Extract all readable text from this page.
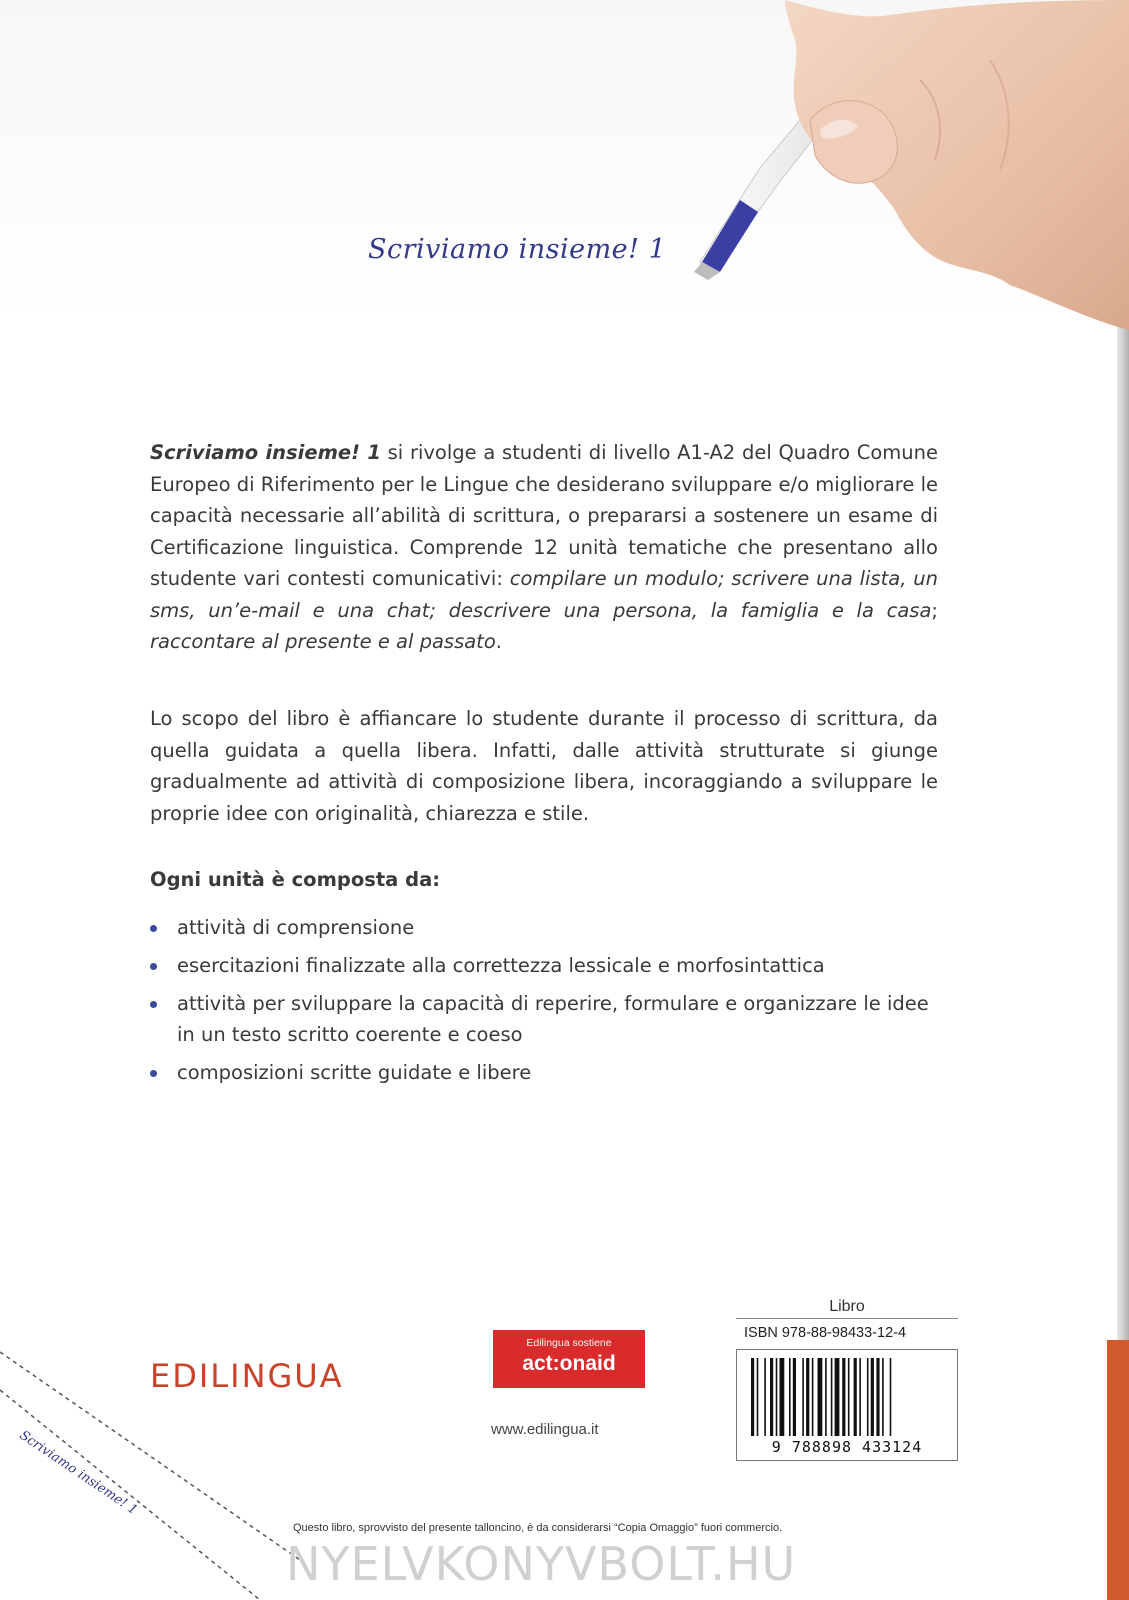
Scriviamo insieme! 1

Scriviamo insieme! 1 si rivolge a studenti di livello A1-A2 del Quadro Comune Europeo di Riferimento per le Lingue che desiderano sviluppare e/o migliorare le capacità necessarie all’abilità di scrittura, o prepararsi a sostenere un esame di Certificazione linguistica. Comprende 12 unità tematiche che presentano allo studente vari contesti comunicativi: compilare un modulo; scrivere una lista, un sms, un’e-mail e una chat; descrivere una persona, la famiglia e la casa; raccontare al presente e al passato.

Lo scopo del libro è affiancare lo studente durante il processo di scrittura, da quella guidata a quella libera. Infatti, dalle attività strutturate si giunge gradualmente ad attività di composizione libera, incoraggiando a sviluppare le proprie idee con originalità, chiarezza e stile.

Ogni unità è composta da:

attività di comprensione
esercitazioni finalizzate alla correttezza lessicale e morfosintattica
attività per sviluppare la capacità di reperire, formulare e organizzare le idee in un testo scritto coerente e coeso
composizioni scritte guidate e libere
EDILINGUA
Edilingua sostiene
act:onaid
www.edilingua.it

Libro

ISBN 978-88-98433-12-4

9 788898 433124
Scriviamo insieme! 1
Questo libro, sprovvisto del presente talloncino, è da considerarsi “Copia Omaggio” fuori commercio.
NYELVKONYVBOLT.HU
